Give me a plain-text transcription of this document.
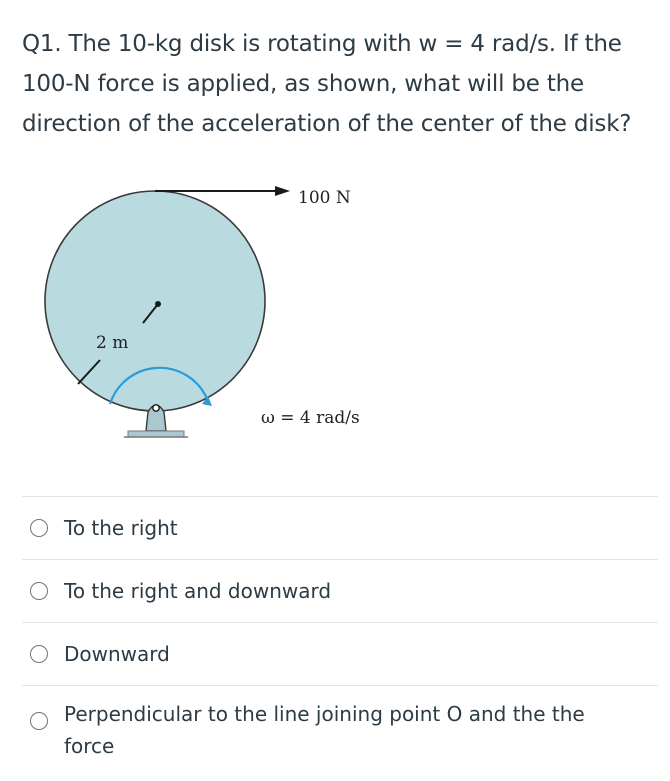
Q1. The 10-kg disk is rotating with w = 4 rad/s. If the 100-N force is applied, as shown, what will be the direction of the acceleration of the center of the disk?
100 N
2 m
ω = 4 rad/s
To the right
To the right and downward
Downward
Perpendicular to the line joining point O and the the force
